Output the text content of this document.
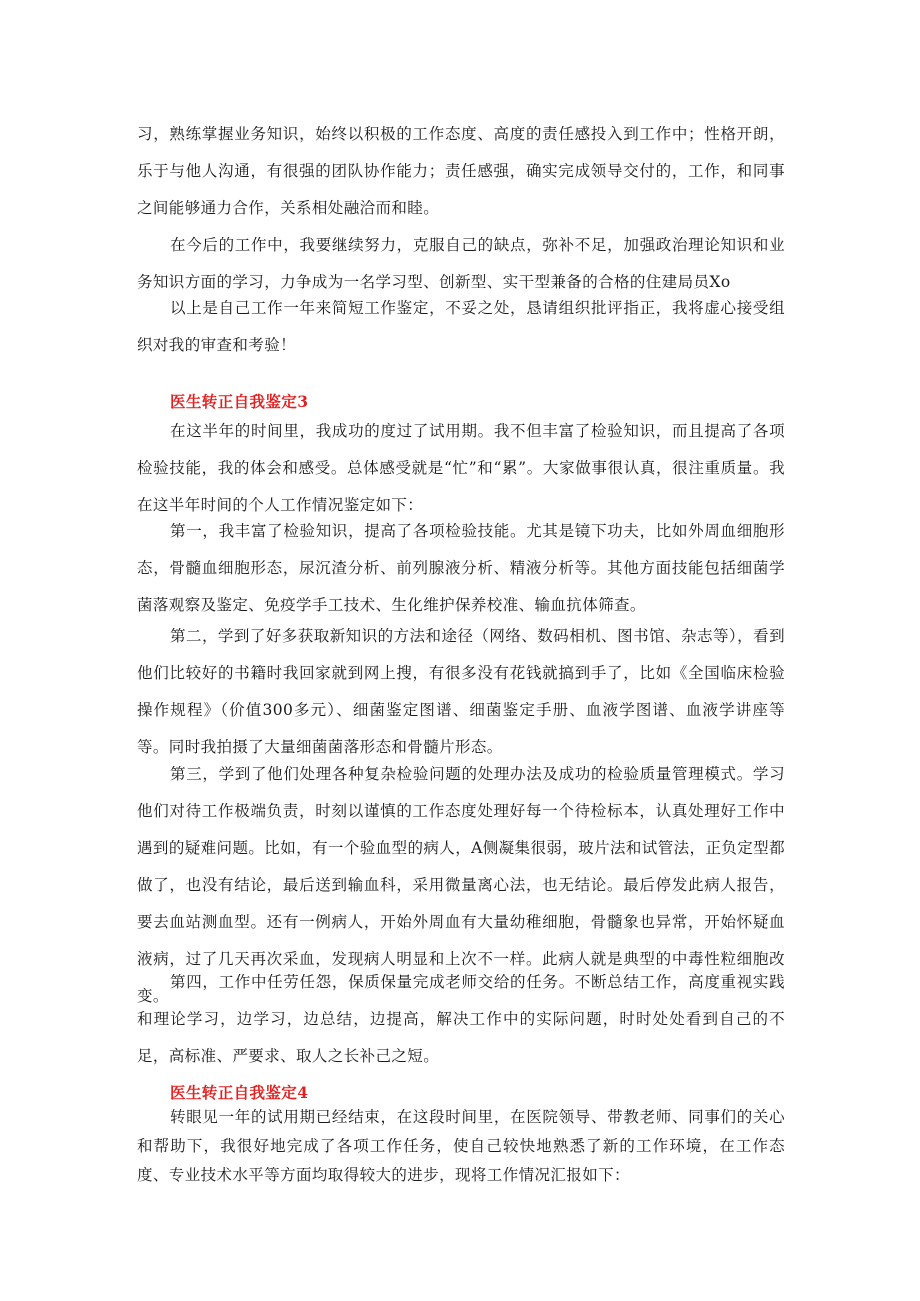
习，熟练掌握业务知识，始终以积极的工作态度、高度的责任感投入到工作中；性格开朗，乐于与他人沟通，有很强的团队协作能力；责任感强，确实完成领导交付的，工作，和同事之间能够通力合作，关系相处融洽而和睦。

在今后的工作中，我要继续努力，克服自己的缺点，弥补不足，加强政治理论知识和业务知识方面的学习，力争成为一名学习型、创新型、实干型兼备的合格的住建局员Xo

以上是自己工作一年来简短工作鉴定，不妥之处，恳请组织批评指正，我将虚心接受组织对我的审查和考验！

医生转正自我鉴定3

在这半年的时间里，我成功的度过了试用期。我不但丰富了检验知识，而且提高了各项检验技能，我的体会和感受。总体感受就是“忙”和“累”。大家做事很认真，很注重质量。我在这半年时间的个人工作情况鉴定如下：

第一，我丰富了检验知识，提高了各项检验技能。尤其是镜下功夫，比如外周血细胞形态，骨髓血细胞形态，尿沉渣分析、前列腺液分析、精液分析等。其他方面技能包括细菌学菌落观察及鉴定、免疫学手工技术、生化维护保养校准、输血抗体筛查。

第二，学到了好多获取新知识的方法和途径（网络、数码相机、图书馆、杂志等），看到他们比较好的书籍时我回家就到网上搜，有很多没有花钱就搞到手了，比如《全国临床检验操作规程》（价值300多元）、细菌鉴定图谱、细菌鉴定手册、血液学图谱、血液学讲座等等。同时我拍摄了大量细菌菌落形态和骨髓片形态。

第三，学到了他们处理各种复杂检验问题的处理办法及成功的检验质量管理模式。学习他们对待工作极端负责，时刻以谨慎的工作态度处理好每一个待检标本，认真处理好工作中遇到的疑难问题。比如，有一个验血型的病人，A侧凝集很弱，玻片法和试管法，正负定型都做了，也没有结论，最后送到输血科，采用微量离心法，也无结论。最后停发此病人报告，要去血站测血型。还有一例病人，开始外周血有大量幼稚细胞，骨髓象也异常，开始怀疑血液病，过了几天再次采血，发现病人明显和上次不一样。此病人就是典型的中毒性粒细胞改变。

第四，工作中任劳任怨，保质保量完成老师交给的任务。不断总结工作，高度重视实践和理论学习，边学习，边总结，边提高，解决工作中的实际问题，时时处处看到自己的不足，高标准、严要求、取人之长补己之短。

医生转正自我鉴定4

转眼见一年的试用期已经结束，在这段时间里，在医院领导、带教老师、同事们的关心和帮助下，我很好地完成了各项工作任务，使自己较快地熟悉了新的工作环境，在工作态度、专业技术水平等方面均取得较大的进步，现将工作情况汇报如下：
